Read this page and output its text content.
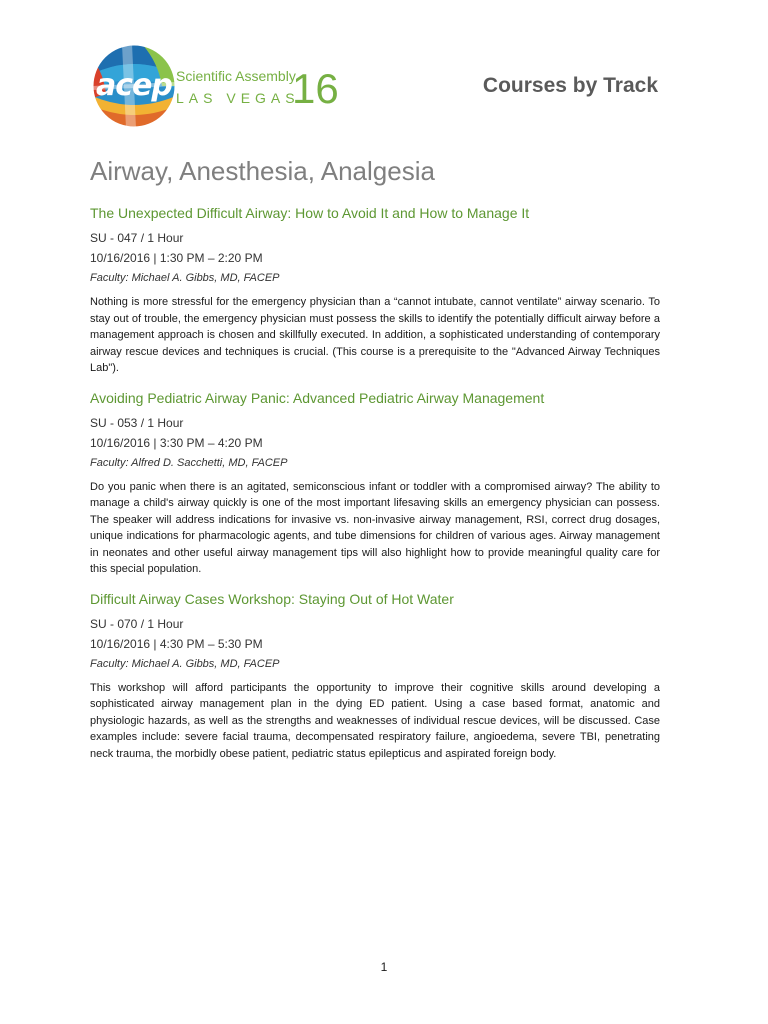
acep Scientific Assembly
LAS VEGAS
16	Courses by Track
Airway, Anesthesia, Analgesia
The Unexpected Difficult Airway: How to Avoid It and How to Manage It
SU - 047 / 1 Hour
10/16/2016 | 1:30 PM – 2:20 PM
Faculty: Michael A. Gibbs, MD, FACEP

Nothing is more stressful for the emergency physician than a “cannot intubate, cannot ventilate” airway scenario. To stay out of trouble, the emergency physician must possess the skills to identify the potentially difficult airway before a management approach is chosen and skillfully executed. In addition, a sophisticated understanding of contemporary airway rescue devices and techniques is crucial. (This course is a prerequisite to the "Advanced Airway Techniques Lab").

Avoiding Pediatric Airway Panic: Advanced Pediatric Airway Management
SU - 053 / 1 Hour
10/16/2016 | 3:30 PM – 4:20 PM
Faculty: Alfred D. Sacchetti, MD, FACEP

Do you panic when there is an agitated, semiconscious infant or toddler with a compromised airway? The ability to manage a child's airway quickly is one of the most important lifesaving skills an emergency physician can possess. The speaker will address indications for invasive vs. non-invasive airway management, RSI, correct drug dosages, unique indications for pharmacologic agents, and tube dimensions for children of various ages. Airway management in neonates and other useful airway management tips will also highlight how to provide meaningful quality care for this special population.

Difficult Airway Cases Workshop: Staying Out of Hot Water
SU - 070 / 1 Hour
10/16/2016 | 4:30 PM – 5:30 PM
Faculty: Michael A. Gibbs, MD, FACEP

This workshop will afford participants the opportunity to improve their cognitive skills around developing a sophisticated airway management plan in the dying ED patient. Using a case based format, anatomic and physiologic hazards, as well as the strengths and weaknesses of individual rescue devices, will be discussed. Case examples include: severe facial trauma, decompensated respiratory failure, angioedema, severe TBI, penetrating neck trauma, the morbidly obese patient, pediatric status epilepticus and aspirated foreign body.

1
